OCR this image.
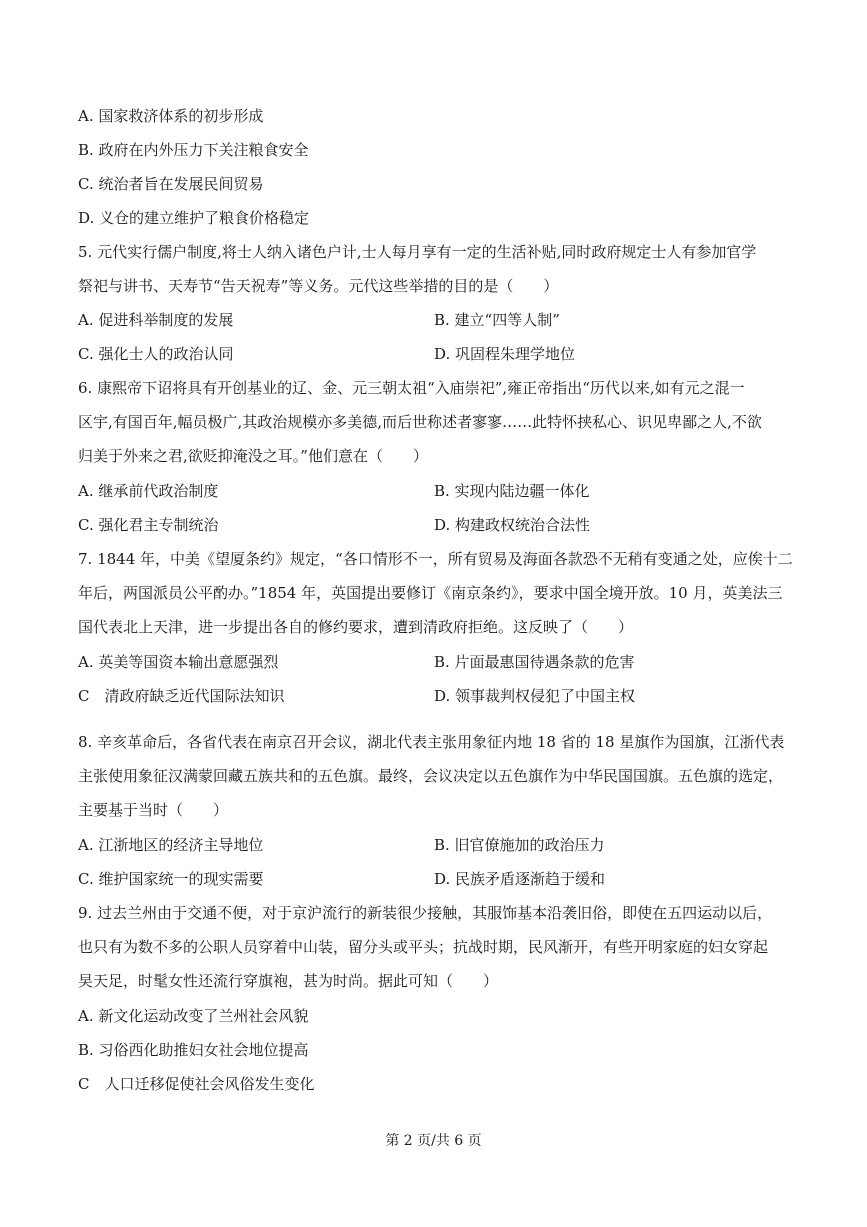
A. 国家救济体系的初步形成
B. 政府在内外压力下关注粮食安全
C. 统治者旨在发展民间贸易
D. 义仓的建立维护了粮食价格稳定
5. 元代实行儒户制度,将士人纳入诸色户计,士人每月享有一定的生活补贴,同时政府规定士人有参加官学
祭祀与讲书、天寿节“告天祝寿”等义务。元代这些举措的目的是（　　）
A. 促进科举制度的发展	B. 建立“四等人制”
C. 强化士人的政治认同	D. 巩固程朱理学地位
6. 康熙帝下诏将具有开创基业的辽、金、元三朝太祖“入庙崇祀”,雍正帝指出“历代以来,如有元之混一
区宇,有国百年,幅员极广,其政治规模亦多美德,而后世称述者寥寥……此特怀挟私心、识见卑鄙之人,不欲
归美于外来之君,欲贬抑淹没之耳。”他们意在（　　）
A. 继承前代政治制度	B. 实现内陆边疆一体化
C. 强化君主专制统治	D. 构建政权统治合法性
7. 1844 年，中美《望厦条约》规定，“各口情形不一，所有贸易及海面各款恐不无稍有变通之处，应俟十二
年后，两国派员公平酌办。”1854 年，英国提出要修订《南京条约》，要求中国全境开放。10 月，英美法三
国代表北上天津，进一步提出各自的修约要求，遭到清政府拒绝。这反映了（　　）
A. 英美等国资本输出意愿强烈	B. 片面最惠国待遇条款的危害
C　清政府缺乏近代国际法知识	D. 领事裁判权侵犯了中国主权
8. 辛亥革命后，各省代表在南京召开会议，湖北代表主张用象征内地 18 省的 18 星旗作为国旗，江浙代表
主张使用象征汉满蒙回藏五族共和的五色旗。最终，会议决定以五色旗作为中华民国国旗。五色旗的选定，
主要基于当时（　　）
A. 江浙地区的经济主导地位	B. 旧官僚施加的政治压力
C. 维护国家统一的现实需要	D. 民族矛盾逐渐趋于缓和
9. 过去兰州由于交通不便，对于京沪流行的新装很少接触，其服饰基本沿袭旧俗，即使在五四运动以后，
也只有为数不多的公职人员穿着中山装，留分头或平头；抗战时期，民风渐开，有些开明家庭的妇女穿起
旲天足，时髦女性还流行穿旗袍，甚为时尚。据此可知（　　）
A. 新文化运动改变了兰州社会风貌
B. 习俗西化助推妇女社会地位提高
C　人口迁移促使社会风俗发生变化
第 2 页/共 6 页
